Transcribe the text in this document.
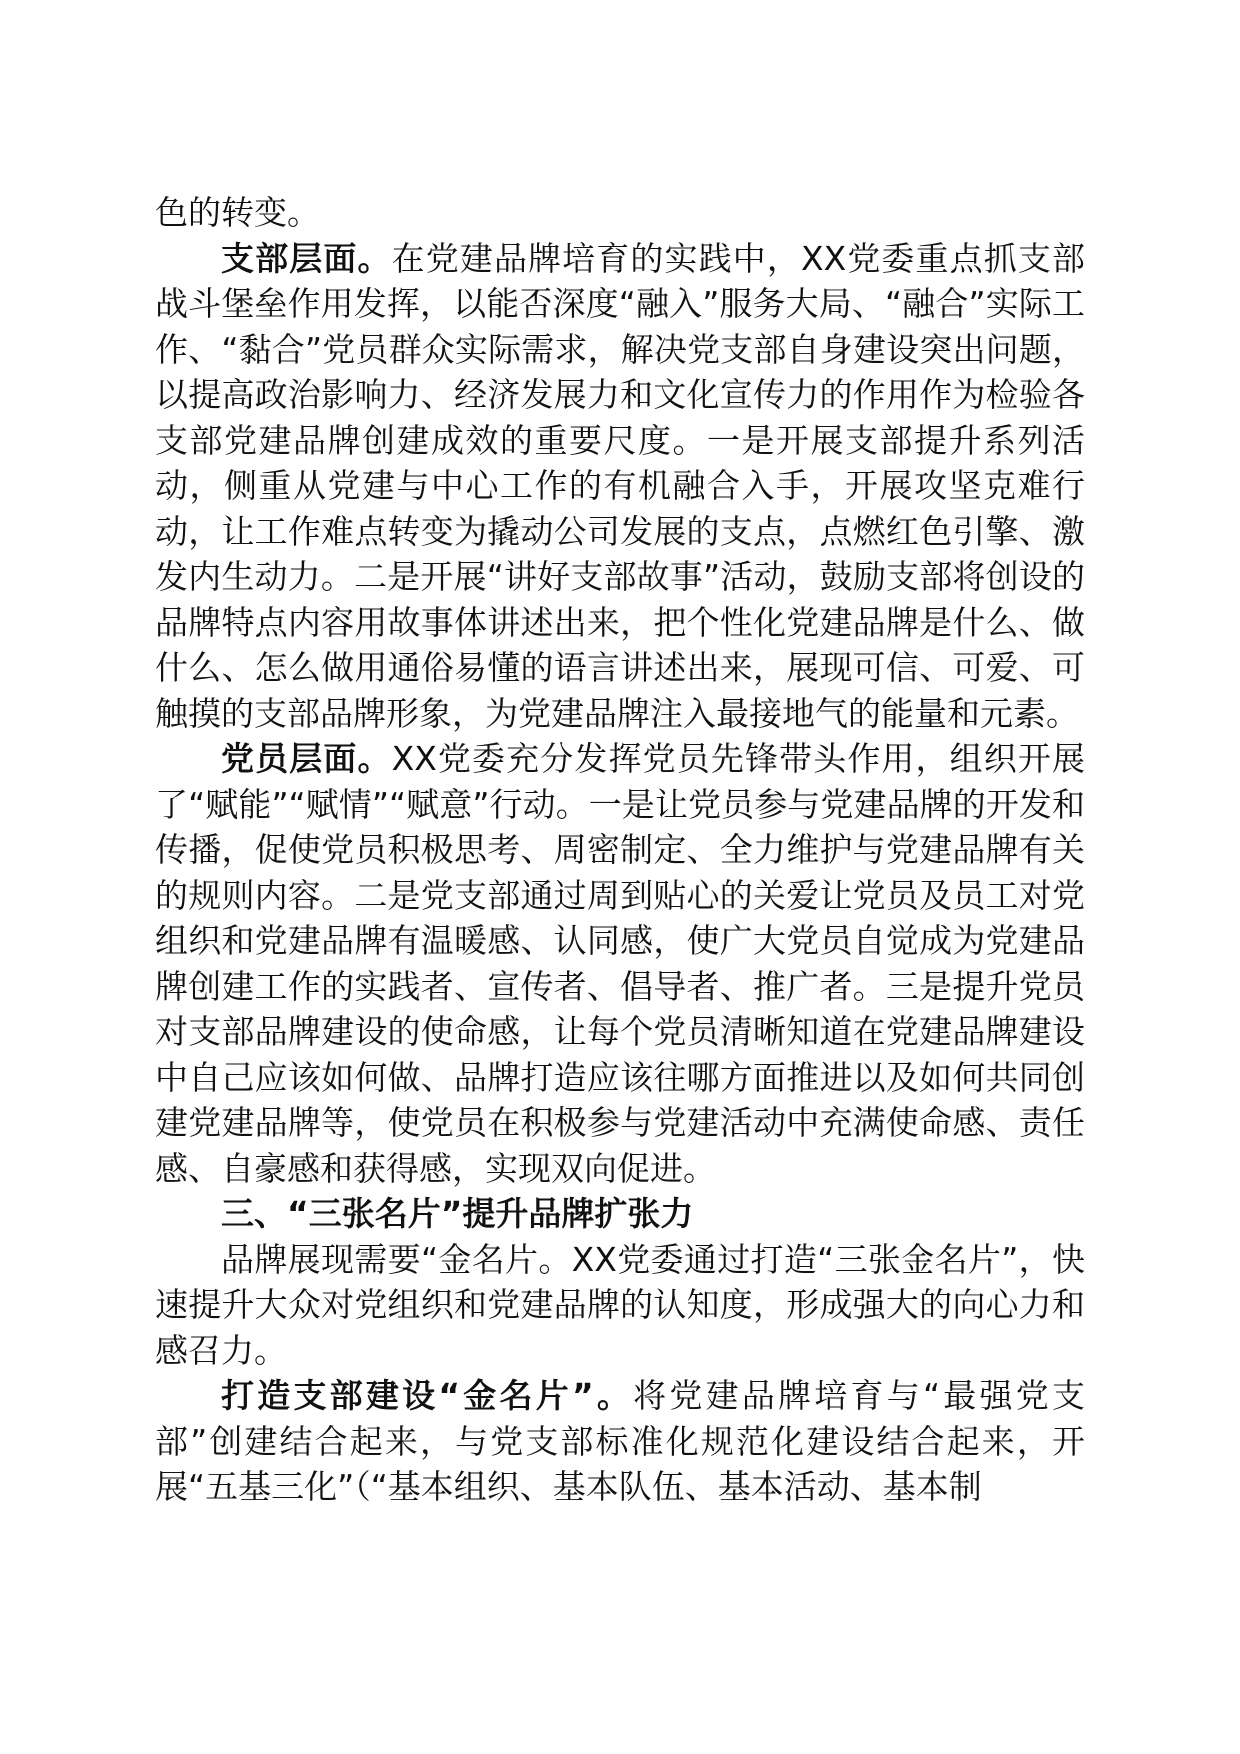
色的转变。

支部层面。在党建品牌培育的实践中，XX党委重点抓支部战斗堡垒作用发挥，以能否深度“融入”服务大局、“融合”实际工作、“黏合”党员群众实际需求，解决党支部自身建设突出问题，以提高政治影响力、经济发展力和文化宣传力的作用作为检验各支部党建品牌创建成效的重要尺度。一是开展支部提升系列活动，侧重从党建与中心工作的有机融合入手，开展攻坚克难行动，让工作难点转变为撬动公司发展的支点，点燃红色引擎、激发内生动力。二是开展“讲好支部故事”活动，鼓励支部将创设的品牌特点内容用故事体讲述出来，把个性化党建品牌是什么、做什么、怎么做用通俗易懂的语言讲述出来，展现可信、可爱、可触摸的支部品牌形象，为党建品牌注入最接地气的能量和元素。

党员层面。XX党委充分发挥党员先锋带头作用，组织开展了“赋能”“赋情”“赋意”行动。一是让党员参与党建品牌的开发和传播，促使党员积极思考、周密制定、全力维护与党建品牌有关的规则内容。二是党支部通过周到贴心的关爱让党员及员工对党组织和党建品牌有温暖感、认同感，使广大党员自觉成为党建品牌创建工作的实践者、宣传者、倡导者、推广者。三是提升党员对支部品牌建设的使命感，让每个党员清晰知道在党建品牌建设中自己应该如何做、品牌打造应该往哪方面推进以及如何共同创建党建品牌等，使党员在积极参与党建活动中充满使命感、责任感、自豪感和获得感，实现双向促进。

三、“三张名片”提升品牌扩张力

品牌展现需要“金名片。XX党委通过打造“三张金名片”，快速提升大众对党组织和党建品牌的认知度，形成强大的向心力和感召力。

打造支部建设“金名片”。将党建品牌培育与“最强党支部”创建结合起来，与党支部标准化规范化建设结合起来，开展“五基三化”（“基本组织、基本队伍、基本活动、基本制
